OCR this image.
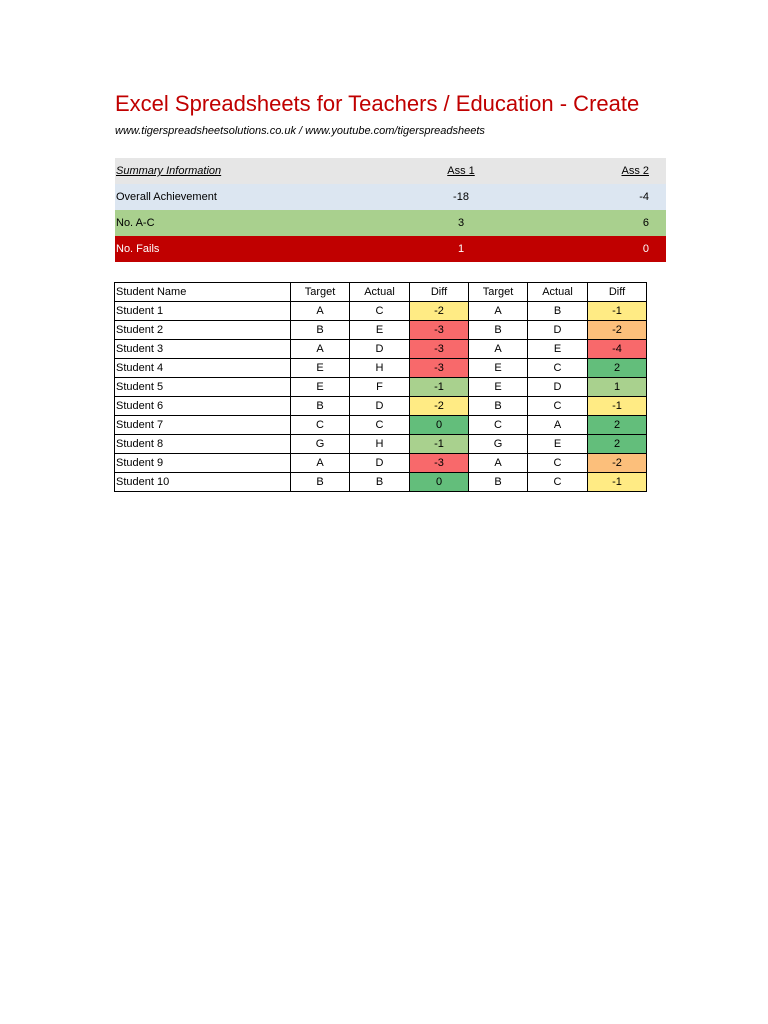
Excel Spreadsheets for Teachers / Education - Create
www.tigerspreadsheetsolutions.co.uk / www.youtube.com/tigerspreadsheets
Summary Information	Ass 1	Ass 2
Overall Achievement	-18	-4
No. A-C	3	6
No. Fails	1	0
Student Name	Target	Actual	Diff	Target	Actual	Diff
Student 1	A	C	-2	A	B	-1
Student 2	B	E	-3	B	D	-2
Student 3	A	D	-3	A	E	-4
Student 4	E	H	-3	E	C	2
Student 5	E	F	-1	E	D	1
Student 6	B	D	-2	B	C	-1
Student 7	C	C	0	C	A	2
Student 8	G	H	-1	G	E	2
Student 9	A	D	-3	A	C	-2
Student 10	B	B	0	B	C	-1
